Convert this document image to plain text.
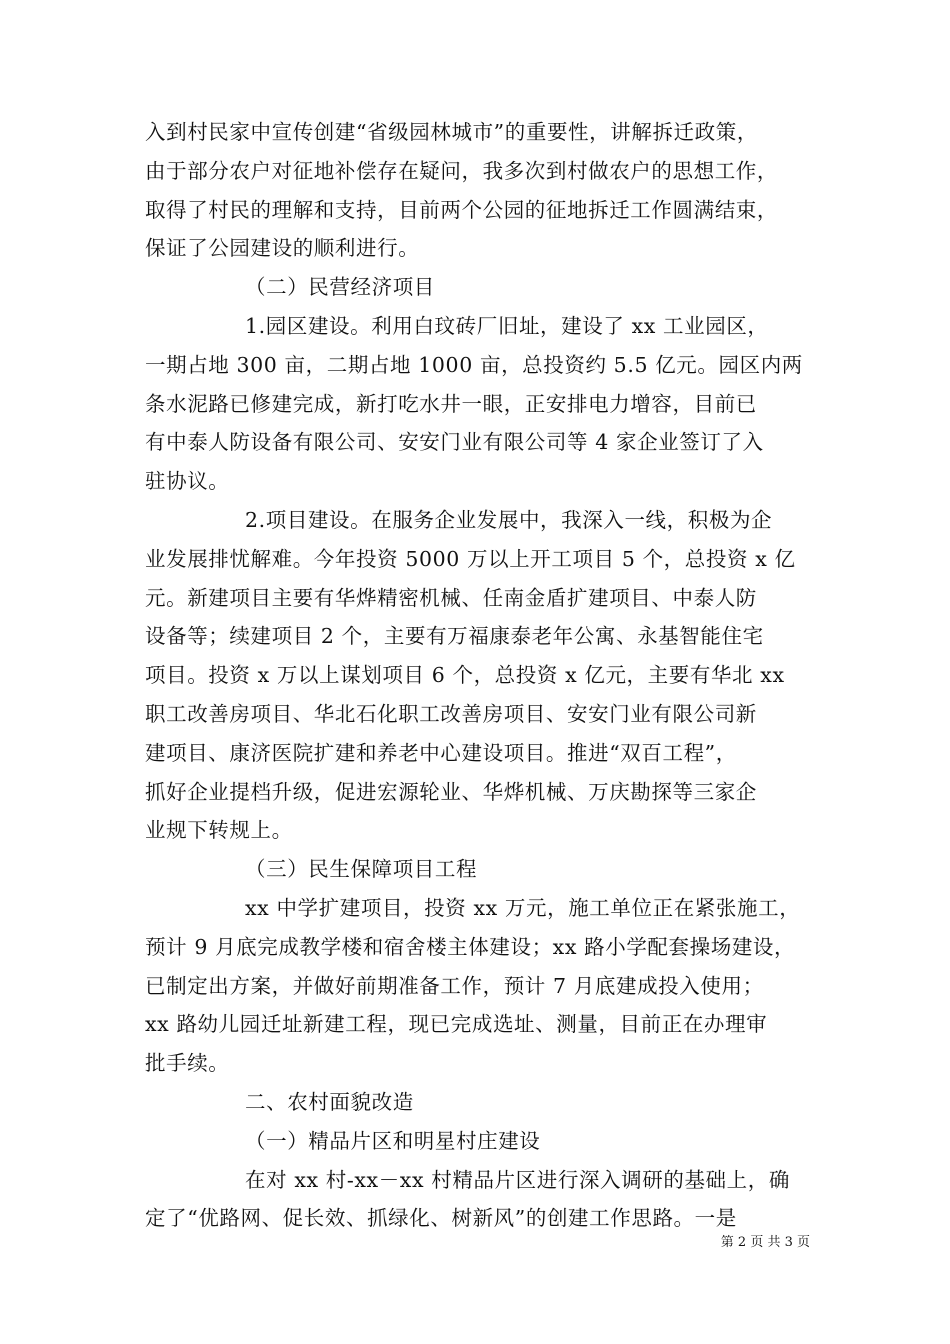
入到村民家中宣传创建“省级园林城市”的重要性，讲解拆迁政策，
由于部分农户对征地补偿存在疑问，我多次到村做农户的思想工作，
取得了村民的理解和支持，目前两个公园的征地拆迁工作圆满结束，
保证了公园建设的顺利进行。
（二）民营经济项目
1.园区建设。利用白玟砖厂旧址，建设了 xx 工业园区，
一期占地 300 亩，二期占地 1000 亩，总投资约 5.5 亿元。园区内两
条水泥路已修建完成，新打吃水井一眼，正安排电力增容，目前已
有中泰人防设备有限公司、安安门业有限公司等 4 家企业签订了入
驻协议。
2.项目建设。在服务企业发展中，我深入一线，积极为企
业发展排忧解难。今年投资 5000 万以上开工项目 5 个，总投资 x 亿
元。新建项目主要有华烨精密机械、任南金盾扩建项目、中泰人防
设备等；续建项目 2 个，主要有万福康泰老年公寓、永基智能住宅
项目。投资 x 万以上谋划项目 6 个，总投资 x 亿元，主要有华北 xx
职工改善房项目、华北石化职工改善房项目、安安门业有限公司新
建项目、康济医院扩建和养老中心建设项目。推进“双百工程”，
抓好企业提档升级，促进宏源轮业、华烨机械、万庆勘探等三家企
业规下转规上。
（三）民生保障项目工程
xx 中学扩建项目，投资 xx 万元，施工单位正在紧张施工，
预计 9 月底完成教学楼和宿舍楼主体建设；xx 路小学配套操场建设，
已制定出方案，并做好前期准备工作，预计 7 月底建成投入使用；
xx 路幼儿园迁址新建工程，现已完成选址、测量，目前正在办理审
批手续。
二、农村面貌改造
（一）精品片区和明星村庄建设
在对 xx 村-xx－xx 村精品片区进行深入调研的基础上，确
定了“优路网、促长效、抓绿化、树新风”的创建工作思路。一是
第 2 页 共 3 页
